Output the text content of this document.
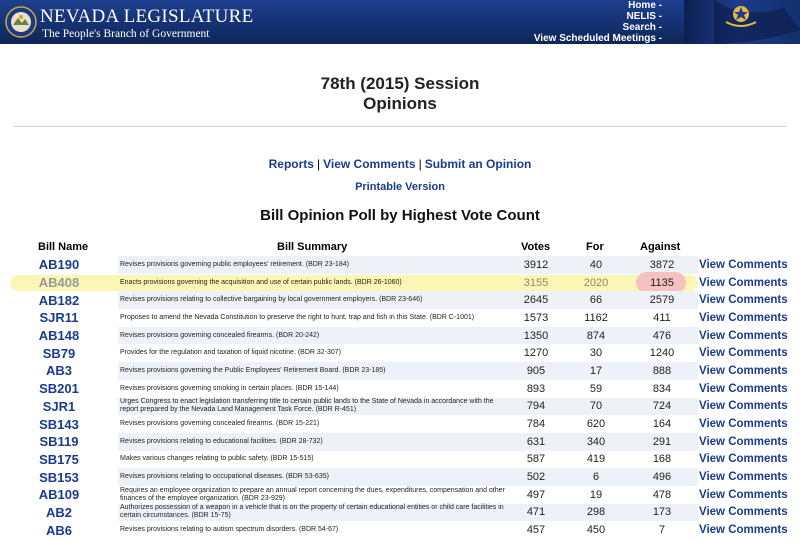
NEVADA LEGISLATURE
The People's Branch of Government
Home -
NELIS -
Search -
View Scheduled Meetings -
78th (2015) Session
Opinions
Reports | View Comments | Submit an Opinion
Printable Version
Bill Opinion Poll by Highest Vote Count
Bill Name	Bill Summary	Votes	For	Against
AB190	Revises provisions governing public employees' retirement. (BDR 23-184)	3912	40	3872	View Comments
AB408	Enacts provisions governing the acquisition and use of certain public lands. (BDR 26-1060)	3155	2020	1135	View Comments
AB182	Revises provisions relating to collective bargaining by local government employers. (BDR 23-646)	2645	66	2579	View Comments
SJR11	Proposes to amend the Nevada Constitution to preserve the right to hunt, trap and fish in this State. (BDR C-1001)	1573	1162	411	View Comments
AB148	Revises provisions governing concealed firearms. (BDR 20-242)	1350	874	476	View Comments
SB79	Provides for the regulation and taxation of liquid nicotine. (BDR 32-307)	1270	30	1240	View Comments
AB3	Revises provisions governing the Public Employees' Retirement Board. (BDR 23-185)	905	17	888	View Comments
SB201	Revises provisions governing smoking in certain places. (BDR 15-144)	893	59	834	View Comments
SJR1	Urges Congress to enact legislation transferring title to certain public lands to the State of Nevada in accordance with the report prepared by the Nevada Land Management Task Force. (BDR R-451)	794	70	724	View Comments
SB143	Revises provisions governing concealed firearms. (BDR 15-221)	784	620	164	View Comments
SB119	Revises provisions relating to educational facilities. (BDR 28-732)	631	340	291	View Comments
SB175	Makes various changes relating to public safety. (BDR 15-515)	587	419	168	View Comments
SB153	Revises provisions relating to occupational diseases. (BDR 53-635)	502	6	496	View Comments
AB109	Requires an employee organization to prepare an annual report concerning the dues, expenditures, compensation and other finances of the employee organization. (BDR 23-929)	497	19	478	View Comments
AB2	Authorizes possession of a weapon in a vehicle that is on the property of certain educational entities or child care facilities in certain circumstances. (BDR 15-75)	471	298	173	View Comments
AB6	Revises provisions relating to autism spectrum disorders. (BDR 54-67)	457	450	7	View Comments
